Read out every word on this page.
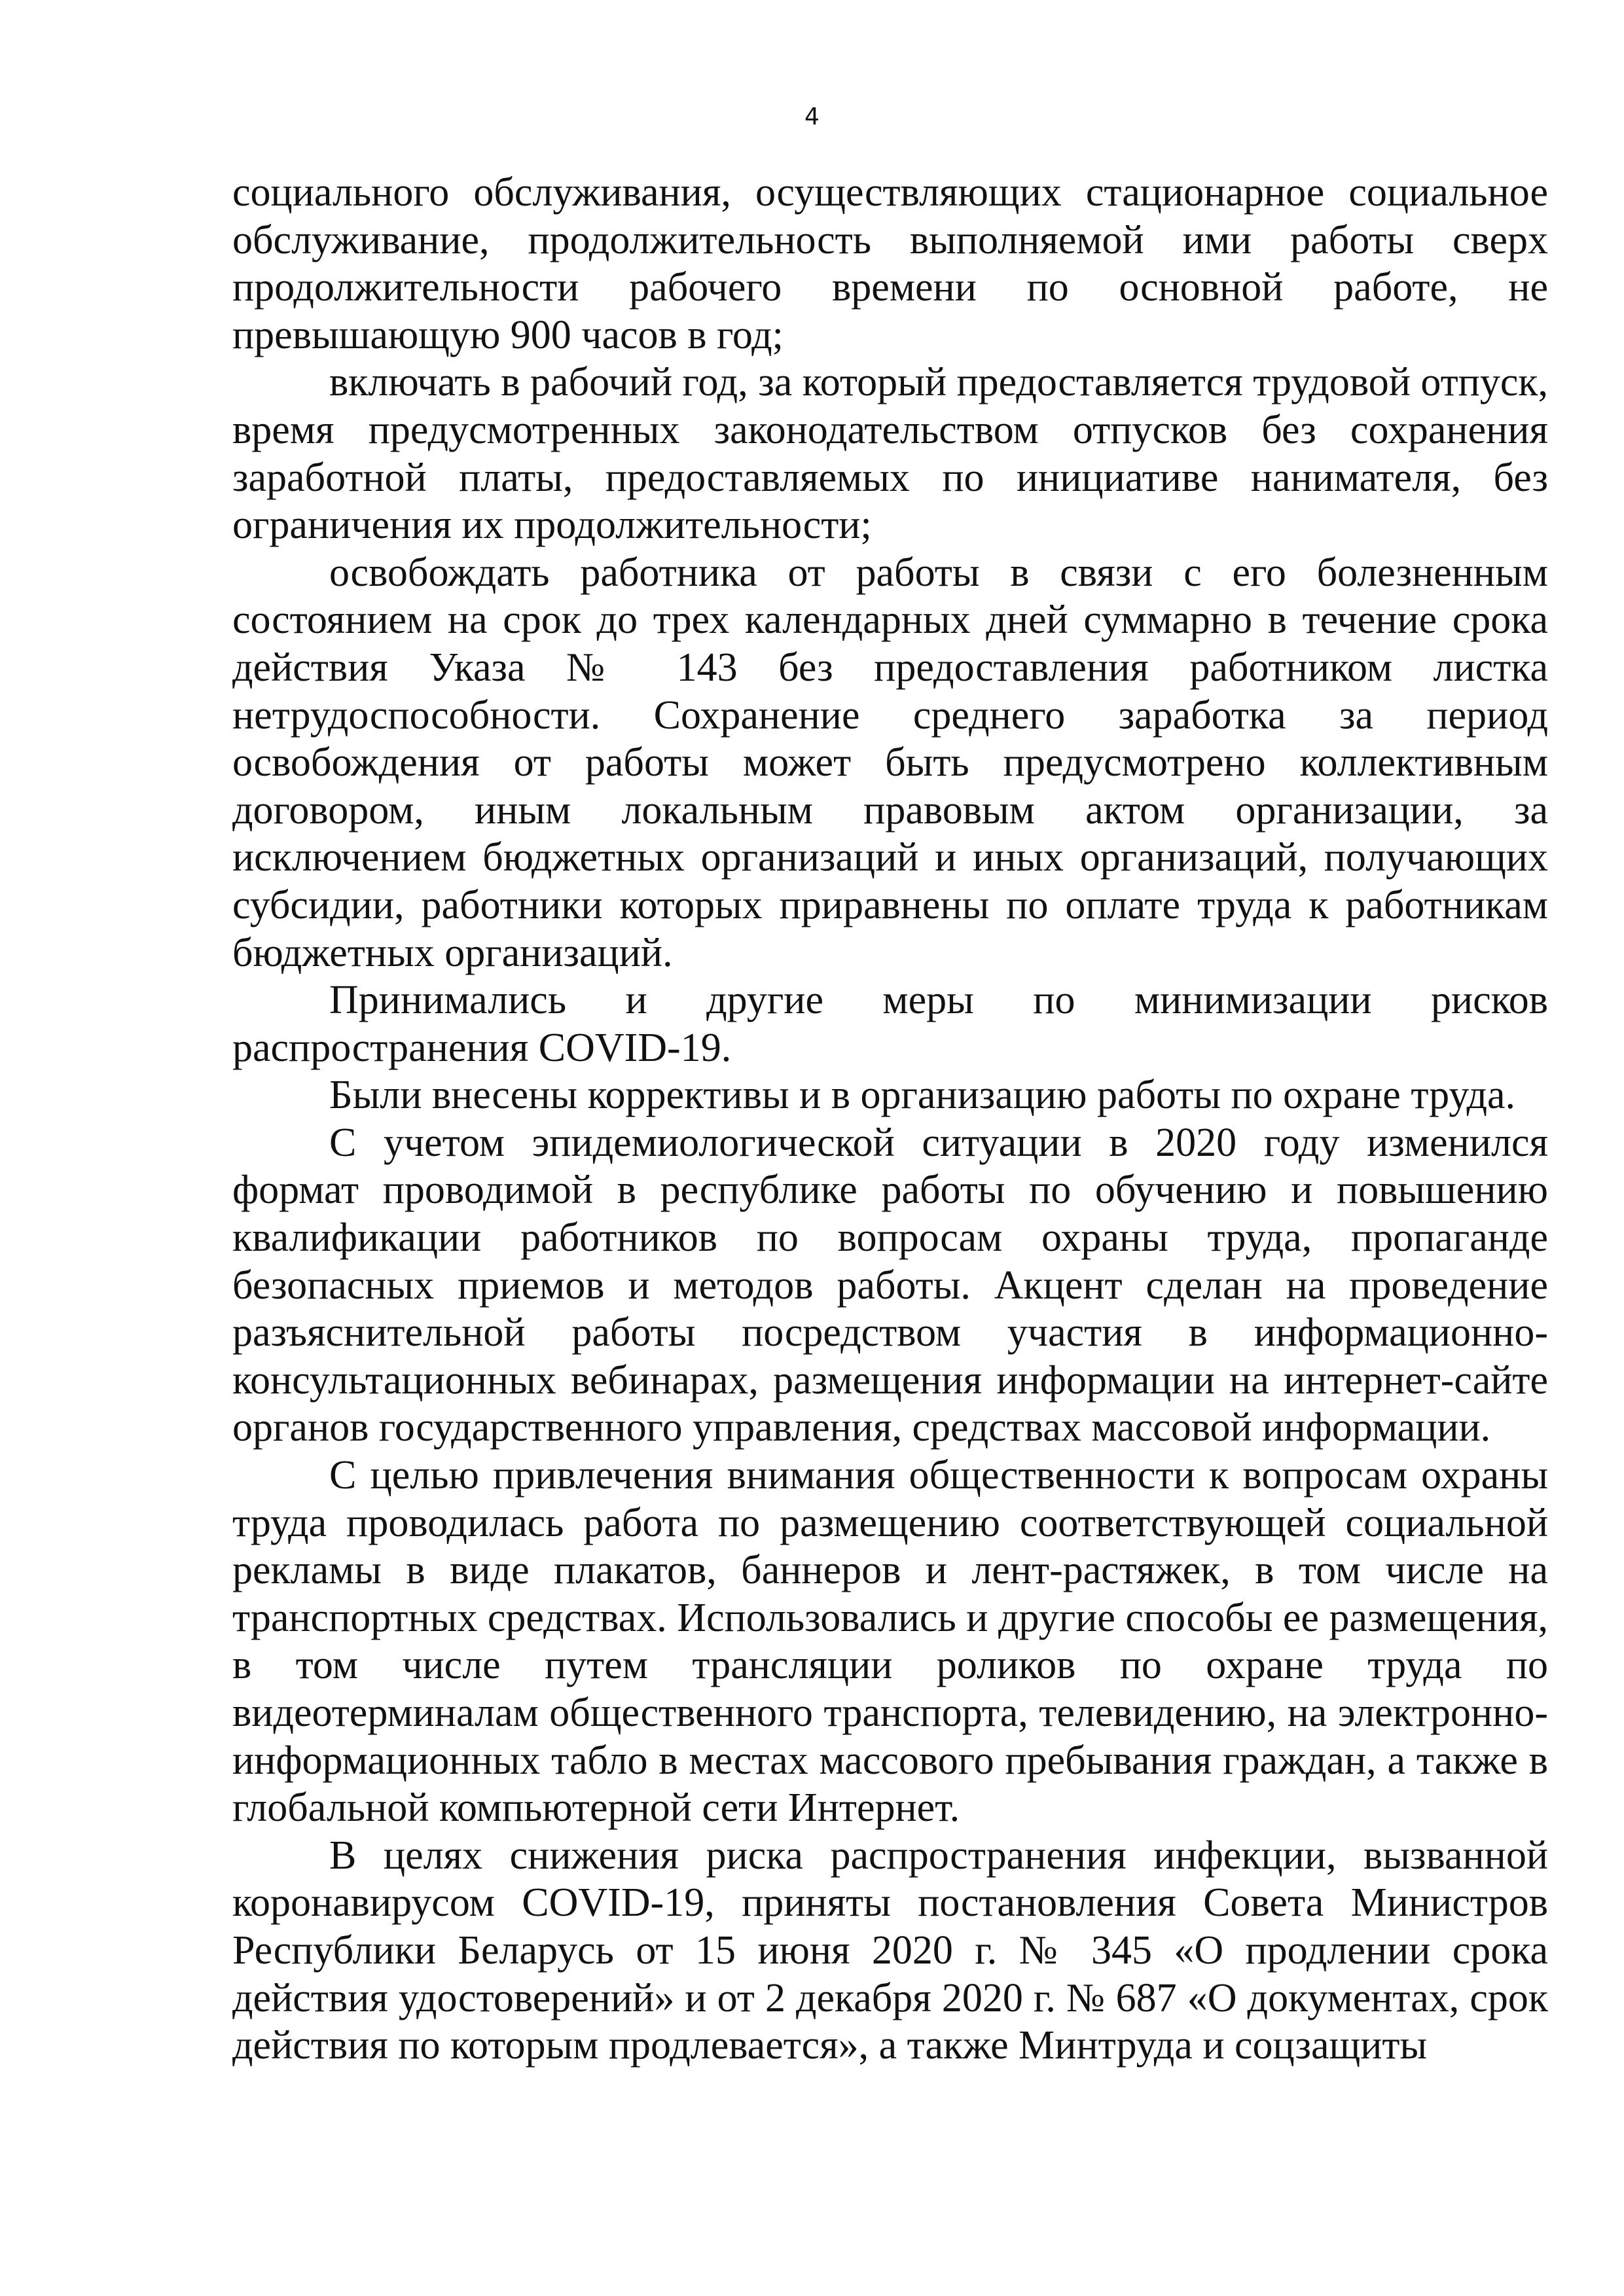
4

социального обслуживания, осуществляющих стационарное социальное обслуживание, продолжительность выполняемой ими работы сверх продолжительности рабочего времени по основной работе, не превышающую 900 часов в год;

включать в рабочий год, за который предоставляется трудовой отпуск, время предусмотренных законодательством отпусков без сохранения заработной платы, предоставляемых по инициативе нанимателя, без ограничения их продолжительности;

освобождать работника от работы в связи с его болезненным состоянием на срок до трех календарных дней суммарно в течение срока действия Указа № 143 без предоставления работником листка нетрудоспособности. Сохранение среднего заработка за период освобождения от работы может быть предусмотрено коллективным договором, иным локальным правовым актом организации, за исключением бюджетных организаций и иных организаций, получающих субсидии, работники которых приравнены по оплате труда к работникам бюджетных организаций.

Принимались и другие меры по минимизации рисков распространения COVID-19.

Были внесены коррективы и в организацию работы по охране труда.

С учетом эпидемиологической ситуации в 2020 году изменился формат проводимой в республике работы по обучению и повышению квалификации работников по вопросам охраны труда, пропаганде безопасных приемов и методов работы. Акцент сделан на проведение разъяснительной работы посредством участия в информационно-консультационных вебинарах, размещения информации на интернет-сайте органов государственного управления, средствах массовой информации.

С целью привлечения внимания общественности к вопросам охраны труда проводилась работа по размещению соответствующей социальной рекламы в виде плакатов, баннеров и лент-растяжек, в том числе на транспортных средствах. Использовались и другие способы ее размещения, в том числе путем трансляции роликов по охране труда по видеотерминалам общественного транспорта, телевидению, на электронно-информационных табло в местах массового пребывания граждан, а также в глобальной компьютерной сети Интернет.

В целях снижения риска распространения инфекции, вызванной коронавирусом COVID-19, приняты постановления Совета Министров Республики Беларусь от 15 июня 2020 г. № 345 «О продлении срока действия удостоверений» и от 2 декабря 2020 г. № 687 «О документах, срок действия по которым продлевается», а также Минтруда и соцзащиты
